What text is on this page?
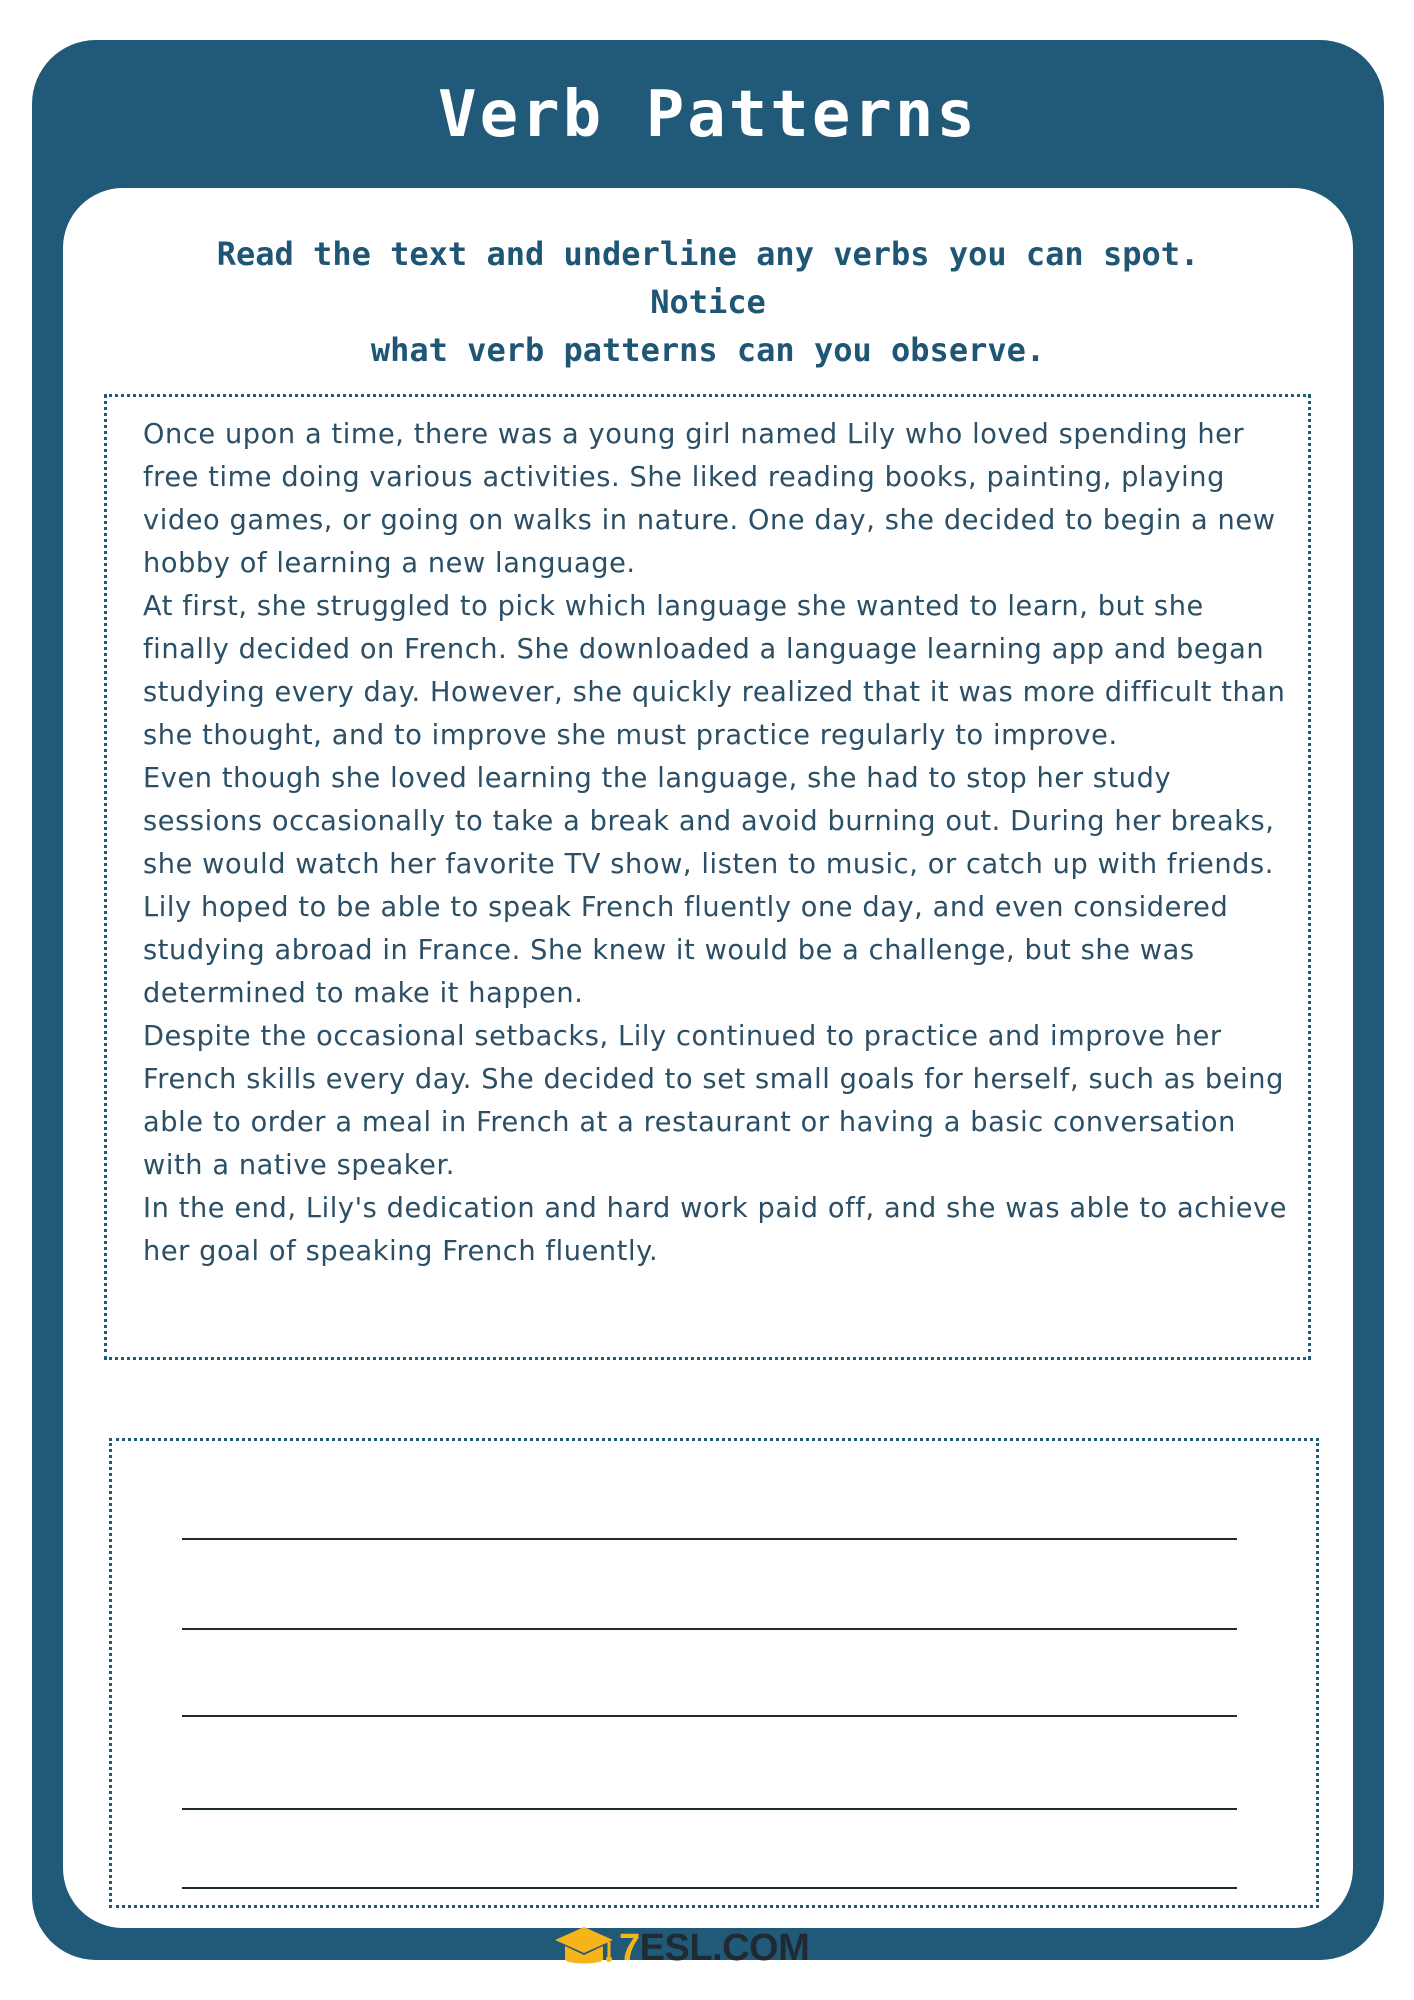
Verb Patterns
Read the text and underline any verbs you can spot. Notice
what verb patterns can you observe.

Once upon a time, there was a young girl named Lily who loved spending her free time doing various activities. She liked reading books, painting, playing video games, or going on walks in nature. One day, she decided to begin a new hobby of learning a new language.

At first, she struggled to pick which language she wanted to learn, but she finally decided on French. She downloaded a language learning app and began studying every day. However, she quickly realized that it was more difficult than she thought, and to improve she must practice regularly to improve.

Even though she loved learning the language, she had to stop her study sessions occasionally to take a break and avoid burning out. During her breaks, she would watch her favorite TV show, listen to music, or catch up with friends.

Lily hoped to be able to speak French fluently one day, and even considered studying abroad in France. She knew it would be a challenge, but she was determined to make it happen.

Despite the occasional setbacks, Lily continued to practice and improve her French skills every day. She decided to set small goals for herself, such as being able to order a meal in French at a restaurant or having a basic conversation with a native speaker.

In the end, Lily's dedication and hard work paid off, and she was able to achieve her goal of speaking French fluently.

7ESL.COM
